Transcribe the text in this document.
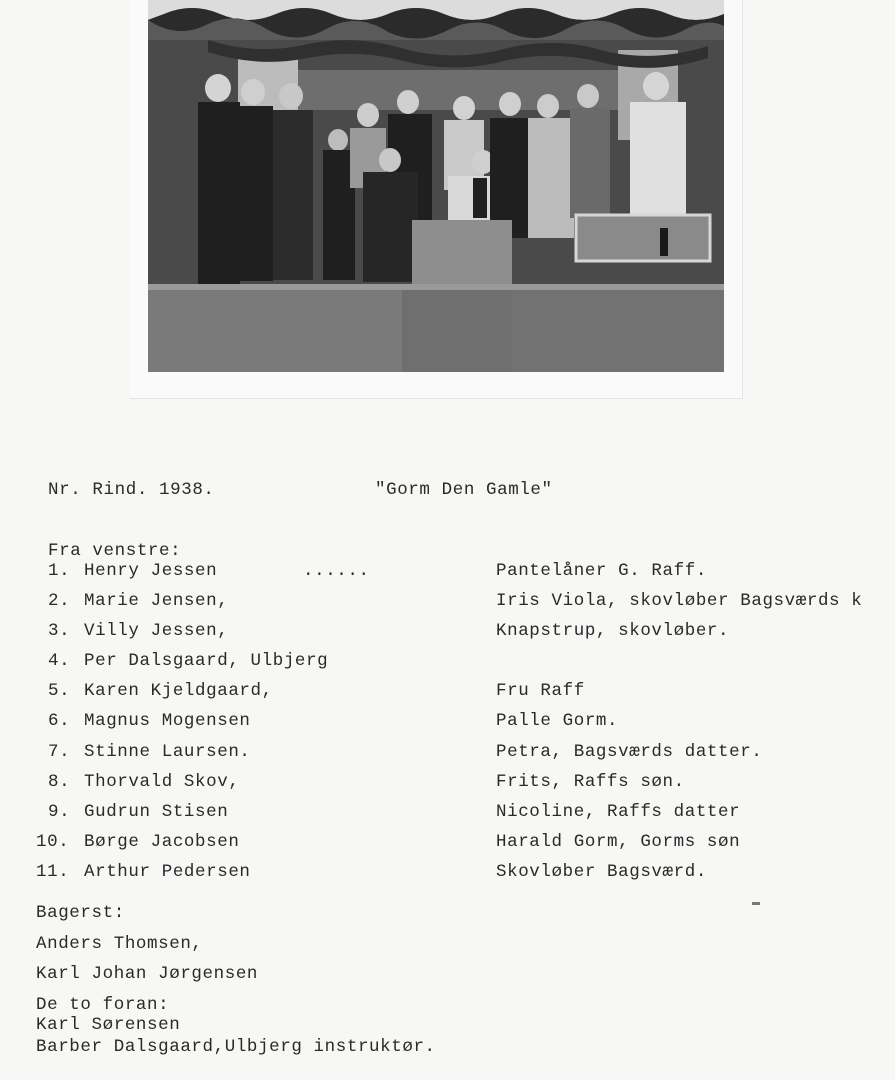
Nr. Rind. 1938.	"Gorm Den Gamle"
Fra venstre:
1. Henry Jessen	......	Pantelåner G. Raff.
2. Marie Jensen,	Iris Viola, skovløber Bagsværds k
3. Villy Jessen,	Knapstrup, skovløber.
4. Per Dalsgaard, Ulbjerg
5. Karen Kjeldgaard,	Fru Raff
6. Magnus Mogensen	Palle Gorm.
7. Stinne Laursen.	Petra, Bagsværds datter.
8. Thorvald Skov,	Frits, Raffs søn.
9. Gudrun Stisen	Nicoline, Raffs datter
10. Børge Jacobsen	Harald Gorm, Gorms søn
11. Arthur Pedersen	Skovløber Bagsværd.
Bagerst:
Anders Thomsen,
Karl Johan Jørgensen
De to foran:
Karl Sørensen
Barber Dalsgaard,Ulbjerg instruktør.
